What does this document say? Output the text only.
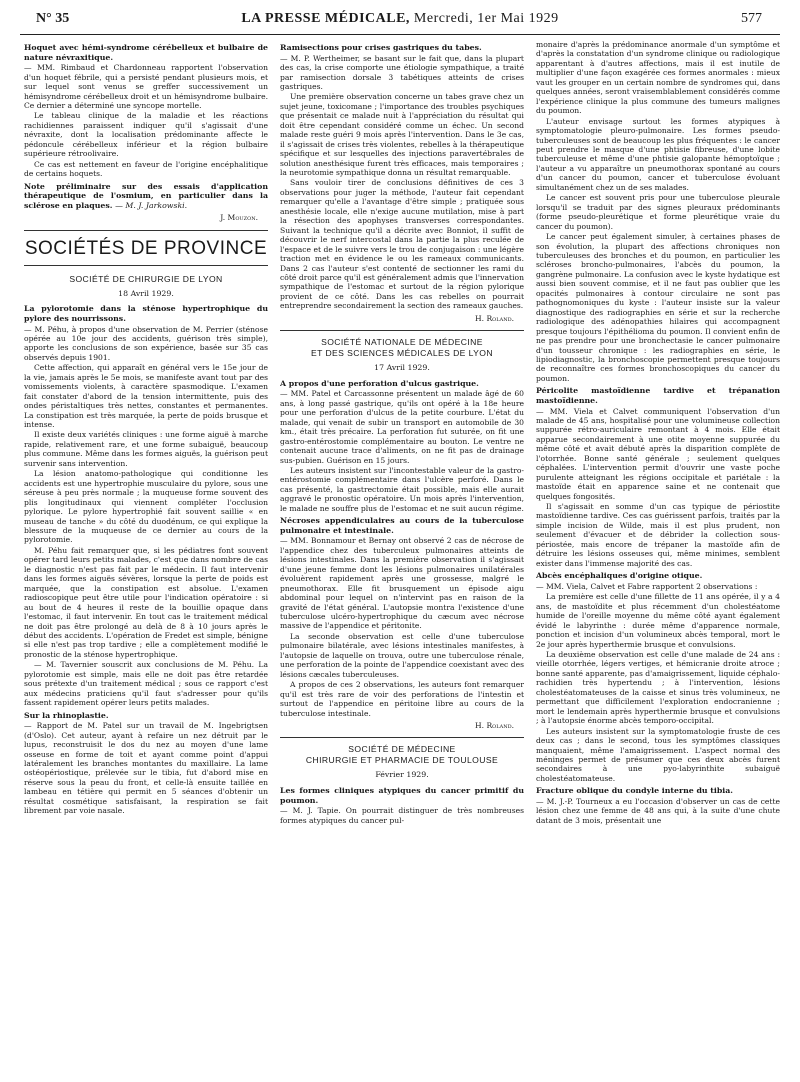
N° 35	LA PRESSE MÉDICALE, Mercredi, 1er Mai 1929	577
Hoquet avec hémi-syndrome cérébelleux et bulbaire de nature névraxitique.

— MM. Rimbaud et Chardonneau rapportent l'observation d'un hoquet fébrile, qui a persisté pendant plusieurs mois, et sur lequel sont venus se greffer successivement un hémisyndrome cérébelleux droit et un hémisyndrome bulbaire. Ce dernier a déterminé une syncope mortelle.

Le tableau clinique de la maladie et les réactions rachidiennes paraissent indiquer qu'il s'agissait d'une névraxite, dont la localisation prédominante affecte le pédoncule cérébelleux inférieur et la région bulbaire supérieure rétroolivaire.

Ce cas est nettement en faveur de l'origine encéphalitique de certains hoquets.

Note préliminaire sur des essais d'application thérapeutique de l'osmium, en particulier dans la sclérose en plaques. — M. J. Jarkowski.
J. Mouzon.
SOCIÉTÉS DE PROVINCE
SOCIÉTÉ DE CHIRURGIE DE LYON
18 Avril 1929.
La pylorotomie dans la sténose hypertrophique du pylore des nourrissons.

— M. Péhu, à propos d'une observation de M. Perrier (sténose opérée au 10e jour des accidents, guérison très simple), apporte les conclusions de son expérience, basée sur 35 cas observés depuis 1901.

Cette affection, qui apparaît en général vers le 15e jour de la vie, jamais après le 5e mois, se manifeste avant tout par des vomissements violents, à caractère spasmodique. L'examen fait constater d'abord de la tension intermittente, puis des ondes péristaltiques très nettes, constantes et permanentes. La constipation est très marquée, la perte de poids brusque et intense.

Il existe deux variétés cliniques : une forme aiguë à marche rapide, relativement rare, et une forme subaiguë, beaucoup plus commune. Même dans les formes aiguës, la guérison peut survenir sans intervention.

La lésion anatomo-pathologique qui conditionne les accidents est une hypertrophie musculaire du pylore, sous une séreuse à peu près normale ; la muqueuse forme souvent des plis longitudinaux qui viennent compléter l'occlusion pylorique. Le pylore hypertrophié fait souvent saillie « en museau de tanche » du côté du duodénum, ce qui explique la blessure de la muqueuse de ce dernier au cours de la pylorotomie.

M. Péhu fait remarquer que, si les pédiatres font souvent opérer tard leurs petits malades, c'est que dans nombre de cas le diagnostic n'est pas fait par le médecin. Il faut intervenir dans les formes aiguës sévères, lorsque la perte de poids est marquée, que la constipation est absolue. L'examen radioscopique peut être utile pour l'indication opératoire : si au bout de 4 heures il reste de la bouillie opaque dans l'estomac, il faut intervenir. En tout cas le traitement médical ne doit pas être prolongé au delà de 8 à 10 jours après le début des accidents. L'opération de Fredet est simple, bénigne si elle n'est pas trop tardive ; elle a complètement modifié le pronostic de la sténose hypertrophique.

— M. Tavernier souscrit aux conclusions de M. Péhu. La pylorotomie est simple, mais elle ne doit pas être retardée sous prétexte d'un traitement médical ; sous ce rapport c'est aux médecins praticiens qu'il faut s'adresser pour qu'ils fassent rapidement opérer leurs petits malades.

Sur la rhinoplastie.

— Rapport de M. Patel sur un travail de M. Ingebrigtsen (d'Oslo). Cet auteur, ayant à refaire un nez détruit par le lupus, reconstruisit le dos du nez au moyen d'une lame osseuse en forme de toit et ayant comme point d'appui latéralement les branches montantes du maxillaire. La lame ostéopériostique, prélevée sur le tibia, fut d'abord mise en réserve sous la peau du front, et celle-là ensuite taillée en lambeau en tétière qui permit en 5 séances d'obtenir un résultat cosmétique satisfaisant, la respiration se fait librement par voie nasale.

Ramisections pour crises gastriques du tabes.

— M. P. Wertheimer, se basant sur le fait que, dans la plupart des cas, la crise comporte une étiologie sympathique, a traité par ramisection dorsale 3 tabétiques atteints de crises gastriques.

Une première observation concerne un tabes grave chez un sujet jeune, toxicomane ; l'importance des troubles psychiques que présentait ce malade nuit à l'appréciation du résultat qui doit être cependant considéré comme un échec. Un second malade reste guéri 9 mois après l'intervention. Dans le 3e cas, il s'agissait de crises très violentes, rebelles à la thérapeutique spécifique et sur lesquelles des injections paravertébrales de solution anesthésique furent très efficaces, mais temporaires ; la neurotomie sympathique donna un résultat remarquable.

Sans vouloir tirer de conclusions définitives de ces 3 observations pour juger la méthode, l'auteur fait cependant remarquer qu'elle a l'avantage d'être simple ; pratiquée sous anesthésie locale, elle n'exige aucune mutilation, mise à part la résection des apophyses transverses correspondantes. Suivant la technique qu'il a décrite avec Bonniot, il suffit de découvrir le nerf intercostal dans la partie la plus reculée de l'espace et de le suivre vers le trou de conjugaison : une légère traction met en évidence le ou les rameaux communicants. Dans 2 cas l'auteur s'est contenté de sectionner les rami du côté droit parce qu'il est généralement admis que l'innervation sympathique de l'estomac et surtout de la région pylorique provient de ce côté. Dans les cas rebelles on pourrait entreprendre secondairement la section des rameaux gauches.

H. Roland.
SOCIÉTÉ NATIONALE DE MÉDECINE
ET DES SCIENCES MÉDICALES DE LYON
17 Avril 1929.
A propos d'une perforation d'ulcus gastrique.

— MM. Patel et Carcassonne présentent un malade âgé de 60 ans, à long passé gastrique, qu'ils ont opéré à la 18e heure pour une perforation d'ulcus de la petite courbure. L'état du malade, qui venait de subir un transport en automobile de 30 km., était très précaire. La perforation fut suturée, on fit une gastro-entérostomie complémentaire au bouton. Le ventre ne contenait aucune trace d'aliments, on ne fit pas de drainage sus-pubien. Guérison en 15 jours.

Les auteurs insistent sur l'incontestable valeur de la gastro-entérostomie complémentaire dans l'ulcère perforé. Dans le cas présenté, la gastrectomie était possible, mais elle aurait aggravé le pronostic opératoire. Un mois après l'intervention, le malade ne souffre plus de l'estomac et ne suit aucun régime.

Nécroses appendiculaires au cours de la tuberculose pulmonaire et intestinale.

— MM. Bonnamour et Bernay ont observé 2 cas de nécrose de l'appendice chez des tuberculeux pulmonaires atteints de lésions intestinales. Dans la première observation il s'agissait d'une jeune femme dont les lésions pulmonaires unilatérales évoluèrent rapidement après une grossesse, malgré le pneumothorax. Elle fit brusquement un épisode aigu abdominal pour lequel on n'intervint pas en raison de la gravité de l'état général. L'autopsie montra l'existence d'une tuberculose ulcéro-hypertrophique du cæcum avec nécrose massive de l'appendice et péritonite.

La seconde observation est celle d'une tuberculose pulmonaire bilatérale, avec lésions intestinales manifestes, à l'autopsie de laquelle on trouva, outre une tuberculose rénale, une perforation de la pointe de l'appendice coexistant avec des lésions cæcales tuberculeuses.

A propos de ces 2 observations, les auteurs font remarquer qu'il est très rare de voir des perforations de l'intestin et surtout de l'appendice en péritoine libre au cours de la tuberculose intestinale.

H. Roland.
SOCIÉTÉ DE MÉDECINE
CHIRURGIE ET PHARMACIE DE TOULOUSE
Février 1929.
Les formes cliniques atypiques du cancer primitif du poumon.

— M. J. Tapie. On pourrait distinguer de très nombreuses formes atypiques du cancer pul-

monaire d'après la prédominance anormale d'un symptôme et d'après la constatation d'un syndrome clinique ou radiologique apparentant à d'autres affections, mais il est inutile de multiplier d'une façon exagérée ces formes anormales : mieux vaut les grouper en un certain nombre de syndromes qui, dans quelques années, seront vraisemblablement considérés comme l'expérience clinique la plus commune des tumeurs malignes du poumon.

L'auteur envisage surtout les formes atypiques à symptomatologie pleuro-pulmonaire. Les formes pseudo-tuberculeuses sont de beaucoup les plus fréquentes : le cancer peut prendre le masque d'une phtisie fibreuse, d'une lobite tuberculeuse et même d'une phtisie galopante hémoptoïque ; l'auteur a vu apparaître un pneumothorax spontané au cours d'un cancer du poumon, cancer et tuberculose évoluant simultanément chez un de ses malades.

Le cancer est souvent pris pour une tuberculose pleurale lorsqu'il se traduit par des signes pleuraux prédominants (forme pseudo-pleurétique et forme pleurétique vraie du cancer du poumon).

Le cancer peut également simuler, à certaines phases de son évolution, la plupart des affections chroniques non tuberculeuses des bronches et du poumon, en particulier les scléroses broncho-pulmonaires, l'abcès du poumon, la gangrène pulmonaire. La confusion avec le kyste hydatique est aussi bien souvent commise, et il ne faut pas oublier que les opacités pulmonaires à contour circulaire ne sont pas pathognomoniques du kyste : l'auteur insiste sur la valeur diagnostique des radiographies en série et sur la recherche radiologique des adénopathies hilaires qui accompagnent presque toujours l'épithélioma du poumon. Il convient enfin de ne pas prendre pour une bronchectasie le cancer pulmonaire d'un tousseur chronique : les radiographies en série, le lipiodiagnostic, la bronchoscopie permettent presque toujours de reconnaître ces formes bronchoscopiques du cancer du poumon.

Péricolite mastoïdienne tardive et trépanation mastoïdienne.

— MM. Viela et Calvet communiquent l'observation d'un malade de 45 ans, hospitalisé pour une volumineuse collection suppurée rétro-auriculaire remontant à 4 mois. Elle était apparue secondairement à une otite moyenne suppurée du même côté et avait débuté après la disparition complète de l'otorrhée. Bonne santé générale ; seulement quelques céphalées. L'intervention permit d'ouvrir une vaste poche purulente atteignant les régions occipitale et pariétale : la mastoïde était en apparence saine et ne contenait que quelques fongosités.

Il s'agissait en somme d'un cas typique de périostite mastoïdienne tardive. Ces cas guérissent parfois, traités par la simple incision de Wilde, mais il est plus prudent, non seulement d'évacuer et de débrider la collection sous-périostée, mais encore de trépaner la mastoïde afin de détruire les lésions osseuses qui, même minimes, semblent exister dans l'immense majorité des cas.

Abcès encéphaliques d'origine otique.

— MM. Viela, Calvet et Fabre rapportent 2 observations :

La première est celle d'une fillette de 11 ans opérée, il y a 4 ans, de mastoïdite et plus récemment d'un cholestéatome humide de l'oreille moyenne du même côté ayant également évidé le labyrinthe : durée même d'apparence normale, ponction et incision d'un volumineux abcès temporal, mort le 2e jour après hyperthermie brusque et convulsions.

La deuxième observation est celle d'une malade de 24 ans : vieille otorrhée, légers vertiges, et hémicranie droite atroce ; bonne santé apparente, pas d'amaigrissement, liquide céphalo-rachidien très hypertendu ; à l'intervention, lésions cholestéatomateuses de la caisse et sinus très volumineux, ne permettant que difficilement l'exploration endocranienne ; mort le lendemain après hyperthermie brusque et convulsions ; à l'autopsie énorme abcès temporo-occipital.

Les auteurs insistent sur la symptomatologie fruste de ces deux cas ; dans le second, tous les symptômes classiques manquaient, même l'amaigrissement. L'aspect normal des méninges permet de présumer que ces deux abcès furent secondaires à une pyo-labyrinthite subaiguë cholestéatomateuse.

Fracture oblique du condyle interne du tibia.

— M. J.-P. Tourneux a eu l'occasion d'observer un cas de cette lésion chez une femme de 48 ans qui, à la suite d'une chute datant de 3 mois, présentait une
